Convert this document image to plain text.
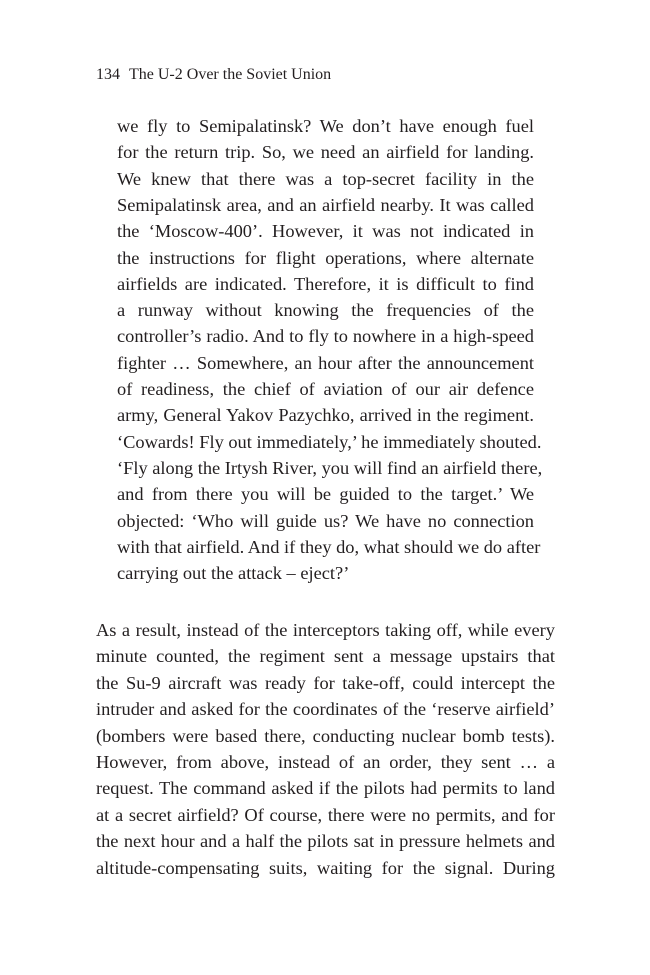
134 The U-2 Over the Soviet Union
we fly to Semipalatinsk? We don’t have enough fuel
for the return trip. So, we need an airfield for landing.
We knew that there was a top-secret facility in the
Semipalatinsk area, and an airfield nearby. It was called
the ‘Moscow-400’. However, it was not indicated in
the instructions for flight operations, where alternate
airfields are indicated. Therefore, it is difficult to find
a runway without knowing the frequencies of the
controller’s radio. And to fly to nowhere in a high-speed
fighter … Somewhere, an hour after the announcement
of readiness, the chief of aviation of our air defence
army, General Yakov Pazychko, arrived in the regiment.
‘Cowards! Fly out immediately,’ he immediately shouted.
‘Fly along the Irtysh River, you will find an airfield there,
and from there you will be guided to the target.’ We
objected: ‘Who will guide us? We have no connection
with that airfield. And if they do, what should we do after
carrying out the attack – eject?’
As a result, instead of the interceptors taking off, while every
minute counted, the regiment sent a message upstairs that
the Su-9 aircraft was ready for take-off, could intercept the
intruder and asked for the coordinates of the ‘reserve airfield’
(bombers were based there, conducting nuclear bomb tests).
However, from above, instead of an order, they sent … a
request. The command asked if the pilots had permits to land
at a secret airfield? Of course, there were no permits, and for
the next hour and a half the pilots sat in pressure helmets and
altitude-compensating suits, waiting for the signal. During
